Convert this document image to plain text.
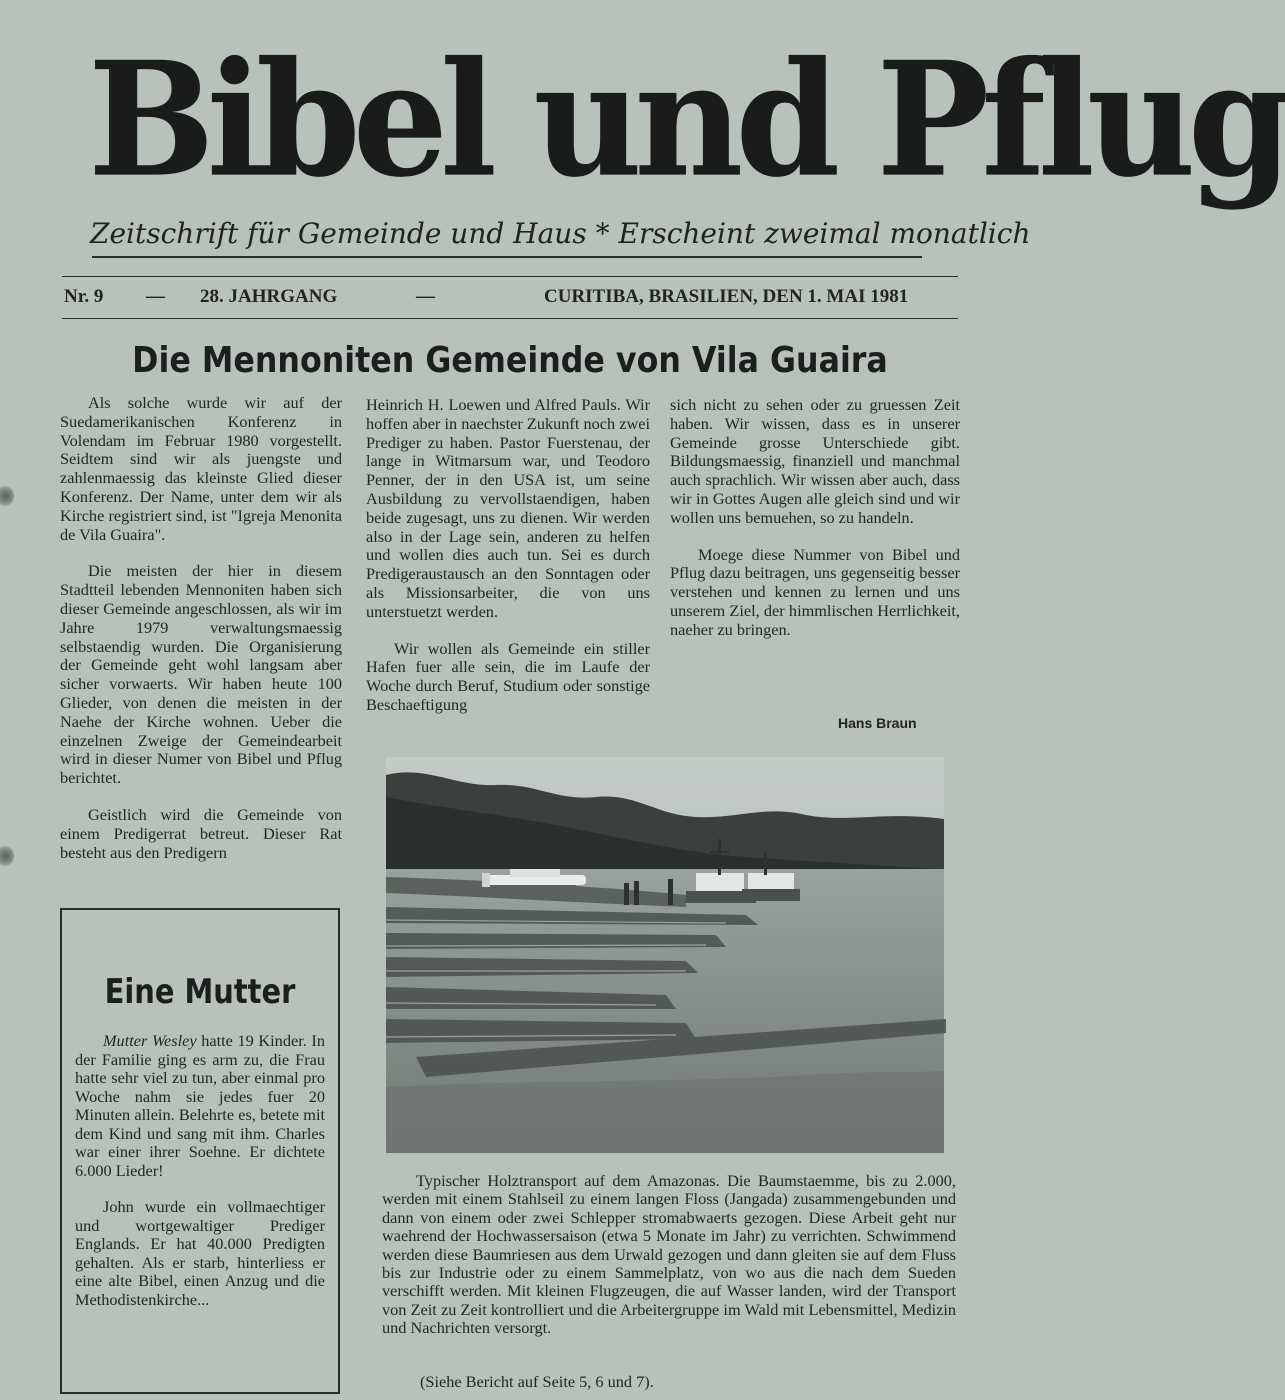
Bibel und Pflug
Zeitschrift für Gemeinde und Haus * Erscheint zweimal monatlich
Nr. 9 — 28. JAHRGANG	—	CURITIBA, BRASILIEN, DEN 1. MAI 1981
Die Mennoniten Gemeinde von Vila Guaira

Als solche wurde wir auf der Suedamerikanischen Konferenz in Volendam im Februar 1980 vorgestellt. Seidtem sind wir als juengste und zahlenmaessig das kleinste Glied dieser Konferenz. Der Name, unter dem wir als Kirche registriert sind, ist "Igreja Menonita de Vila Guaira".

Die meisten der hier in diesem Stadtteil lebenden Mennoniten haben sich dieser Gemeinde angeschlossen, als wir im Jahre 1979 verwaltungsmaessig selbstaendig wurden. Die Organisierung der Gemeinde geht wohl langsam aber sicher vorwaerts. Wir haben heute 100 Glieder, von denen die meisten in der Naehe der Kirche wohnen. Ueber die einzelnen Zweige der Gemeindearbeit wird in dieser Numer von Bibel und Pflug berichtet.

Geistlich wird die Gemeinde von einem Predigerrat betreut. Dieser Rat besteht aus den Predigern

Heinrich H. Loewen und Alfred Pauls. Wir hoffen aber in naechster Zukunft noch zwei Prediger zu haben. Pastor Fuerstenau, der lange in Witmarsum war, und Teodoro Penner, der in den USA ist, um seine Ausbildung zu vervollstaendigen, haben beide zugesagt, uns zu dienen. Wir werden also in der Lage sein, anderen zu helfen und wollen dies auch tun. Sei es durch Predigeraustausch an den Sonntagen oder als Missionsarbeiter, die von uns unterstuetzt werden.

Wir wollen als Gemeinde ein stiller Hafen fuer alle sein, die im Laufe der Woche durch Beruf, Studium oder sonstige Beschaeftigung

sich nicht zu sehen oder zu gruessen Zeit haben. Wir wissen, dass es in unserer Gemeinde grosse Unterschiede gibt. Bildungsmaessig, finanziell und manchmal auch sprachlich. Wir wissen aber auch, dass wir in Gottes Augen alle gleich sind und wir wollen uns bemuehen, so zu handeln.

Moege diese Nummer von Bibel und Pflug dazu beitragen, uns gegenseitig besser verstehen und kennen zu lernen und uns unserem Ziel, der himmlischen Herrlichkeit, naeher zu bringen.

Hans Braun
Eine Mutter

Mutter Wesley hatte 19 Kinder. In der Familie ging es arm zu, die Frau hatte sehr viel zu tun, aber einmal pro Woche nahm sie jedes fuer 20 Minuten allein. Belehrte es, betete mit dem Kind und sang mit ihm. Charles war einer ihrer Soehne. Er dichtete 6.000 Lieder!

John wurde ein vollmaechtiger und wortgewaltiger Prediger Englands. Er hat 40.000 Predigten gehalten. Als er starb, hinterliess er eine alte Bibel, einen Anzug und die Methodistenkirche...

Typischer Holztransport auf dem Amazonas. Die Baumstaemme, bis zu 2.000, werden mit einem Stahlseil zu einem langen Floss (Jangada) zusammengebunden und dann von einem oder zwei Schlepper stromabwaerts gezogen. Diese Arbeit geht nur waehrend der Hochwassersaison (etwa 5 Monate im Jahr) zu verrichten. Schwimmend werden diese Baumriesen aus dem Urwald gezogen und dann gleiten sie auf dem Fluss bis zur Industrie oder zu einem Sammelplatz, von wo aus die nach dem Sueden verschifft werden. Mit kleinen Flugzeugen, die auf Wasser landen, wird der Transport von Zeit zu Zeit kontrolliert und die Arbeitergruppe im Wald mit Lebensmittel, Medizin und Nachrichten versorgt.

(Siehe Bericht auf Seite 5, 6 und 7).
